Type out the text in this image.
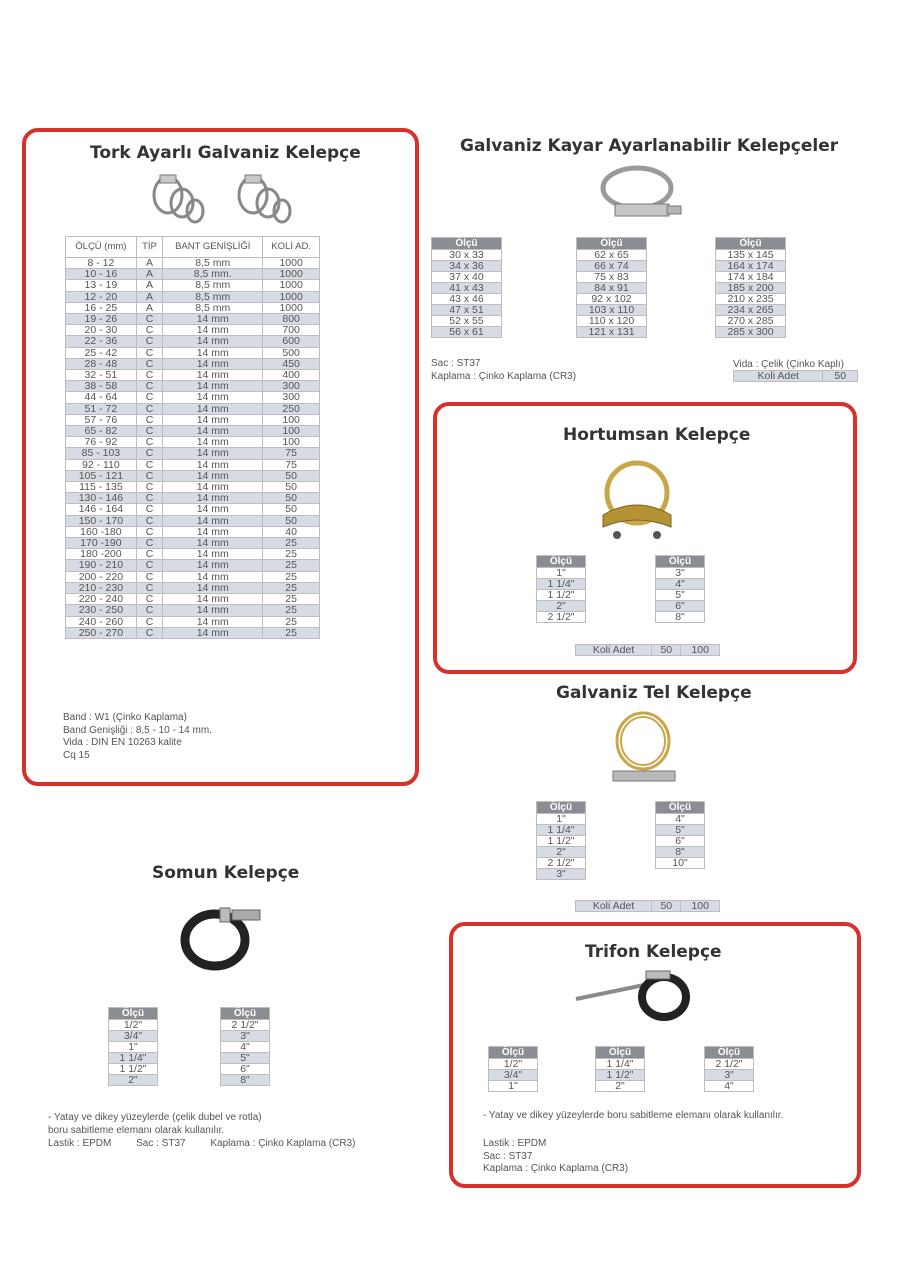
Tork Ayarlı Galvaniz Kelepçe
ÖLÇÜ (mm)	TİP	BANT GENİŞLİĞİ	KOLİ AD.
8 - 12	A	8,5 mm	1000
10 - 16	A	8,5 mm.	1000
13 - 19	A	8,5 mm	1000
12 - 20	A	8,5 mm	1000
16 - 25	A	8,5 mm	1000
19 - 26	C	14 mm	800
20 - 30	C	14 mm	700
22 - 36	C	14 mm	600
25 - 42	C	14 mm	500
28 - 48	C	14 mm	450
32 - 51	C	14 mm	400
38 - 58	C	14 mm	300
44 - 64	C	14 mm	300
51 - 72	C	14 mm	250
57 - 76	C	14 mm	100
65 - 82	C	14 mm	100
76 - 92	C	14 mm	100
85 - 103	C	14 mm	75
92 - 110	C	14 mm	75
105 - 121	C	14 mm	50
115 - 135	C	14 mm	50
130 - 146	C	14 mm	50
146 - 164	C	14 mm	50
150 - 170	C	14 mm	50
160 -180	C	14 mm	40
170 -190	C	14 mm	25
180 -200	C	14 mm	25
190 - 210	C	14 mm	25
200 - 220	C	14 mm	25
210 - 230	C	14 mm	25
220 - 240	C	14 mm	25
230 - 250	C	14 mm	25
240 - 260	C	14 mm	25
250 - 270	C	14 mm	25
Band : W1 (Çinko Kaplama)
Band Genişliği : 8,5 - 10 - 14 mm.
Vida : DIN EN 10263 kalite
Cq 15
Galvaniz Kayar Ayarlanabilir Kelepçeler
Ölçü
30 x 33
34 x 36
37 x 40
41 x 43
43 x 46
47 x 51
52 x 55
56 x 61
Ölçü
62 x 65
66 x 74
75 x 83
84 x 91
92 x 102
103 x 110
110 x 120
121 x 131
Ölçü
135 x 145
164 x 174
174 x 184
185 x 200
210 x 235
234 x 265
270 x 285
285 x 300
Sac : ST37
Kaplama : Çinko Kaplama (CR3)
Vida : Çelik (Çinko Kaplı)
Koli Adet	50
Hortumsan Kelepçe
Ölçü
1"
1 1/4"
1 1/2"
2"
2 1/2"
Ölçü
3"
4"
5"
6"
8"
Koli Adet	50	100
Galvaniz Tel Kelepçe
Ölçü
1"
1 1/4"
1 1/2"
2"
2 1/2"
3"
Ölçü
4"
5"
6"
8"
10"
Koli Adet	50	100
Somun Kelepçe
Ölçü
1/2"
3/4"
1"
1 1/4"
1 1/2"
2"
Ölçü
2 1/2"
3"
4"
5"
6"
8"
- Yatay ve dikey yüzeylerde (çelik dubel ve rotla)
boru sabitleme elemanı olarak kullanılır.
Lastik : EPDM Sac : ST37 Kaplama : Çinko Kaplama (CR3)
Trifon Kelepçe
Ölçü
1/2"
3/4"
1"
Ölçü
1 1/4"
1 1/2"
2"
Ölçü
2 1/2"
3"
4"
- Yatay ve dikey yüzeylerde boru sabitleme elemanı olarak kullanılır.
Lastik : EPDM
Sac : ST37
Kaplama : Çinko Kaplama (CR3)
